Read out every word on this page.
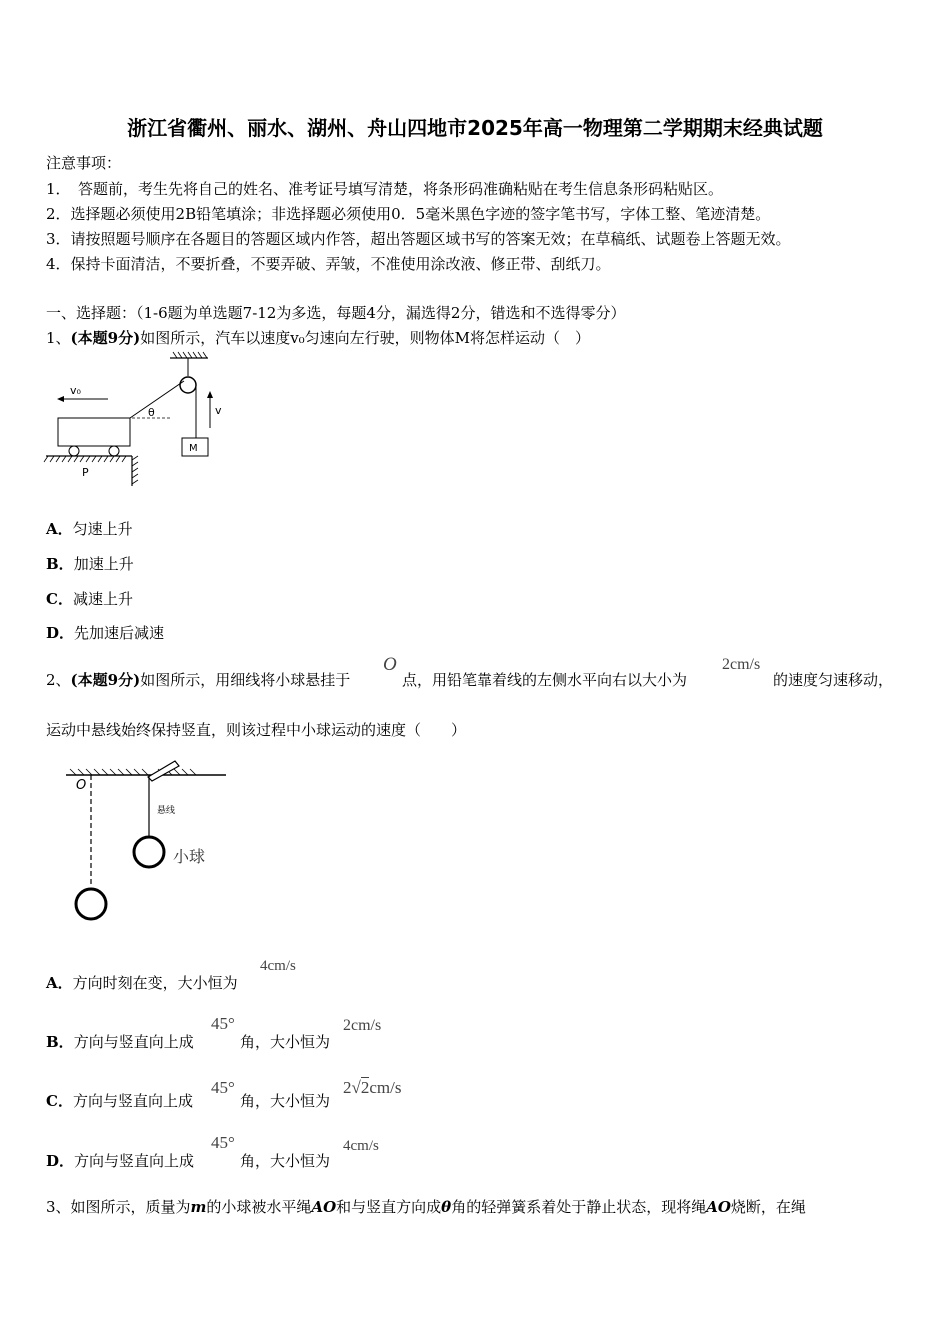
浙江省衢州、丽水、湖州、舟山四地市2025年高一物理第二学期期末经典试题
注意事项：
1．　答题前，考生先将自己的姓名、准考证号填写清楚，将条形码准确粘贴在考生信息条形码粘贴区。
2．选择题必须使用2B铅笔填涂；非选择题必须使用0．5毫米黑色字迹的签字笔书写，字体工整、笔迹清楚。
3．请按照题号顺序在各题目的答题区域内作答，超出答题区域书写的答案无效；在草稿纸、试题卷上答题无效。
4．保持卡面清洁，不要折叠，不要弄破、弄皱，不准使用涂改液、修正带、刮纸刀。
一、选择题：（1-6题为单选题7-12为多选，每题4分，漏选得2分，错选和不选得零分）
1、(本题9分)如图所示，汽车以速度v₀匀速向左行驶，则物体M将怎样运动（　）
M
θ	v
v₀
P
A．匀速上升
B．加速上升
C．减速上升
D．先加速后减速
2、(本题9分)如图所示，用细线将小球悬挂于
O
点，用铅笔靠着线的左侧水平向右以大小为
2cm/s
的速度匀速移动，
运动中悬线始终保持竖直，则该过程中小球运动的速度（　　）
O
悬线
小球
A．方向时刻在变，大小恒为
4cm/s
B．方向与竖直向上成
45°
角，大小恒为
2cm/s
C．方向与竖直向上成
45°
角，大小恒为
2√2cm/s
D．方向与竖直向上成
45°
角，大小恒为
4cm/s
3、如图所示，质量为m的小球被水平绳AO和与竖直方向成θ角的轻弹簧系着处于静止状态，现将绳AO烧断，在绳
